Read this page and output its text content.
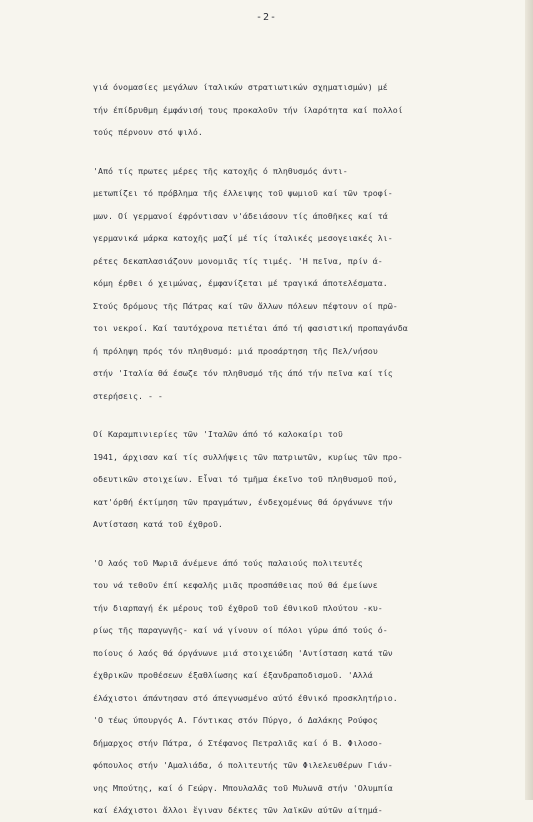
-2-
γιά όνομασίες μεγάλων ίταλικών στρατιωτικών σχηματισμών) μέ
τήν έπίδρυθμη έμφάνισή τους προκαλοῦν τήν ίλαρότητα καί πολλοί
τούς πέρνουν στό ψιλό.
'Από τίς πρωτες μέρες τῆς κατοχῆς ό πληθυσμός άντι-
μετωπίζει τό πρόβλημα τῆς έλλειψης τοῦ ψωμιοῦ καί τῶν τροφί-
μων. Οί γερμανοί έφρόντισαν ν'άδειάσουν τίς άποθῆκες καί τά
γερμανικά μάρκα κατοχῆς μαζί μέ τίς ίταλικές μεσογειακές λι-
ρέτες δεκαπλασιάζουν μονομιᾶς τίς τιμές. 'Η πεῖνα, πρίν ά-
κόμη έρθει ό χειμώνας, έμφανίζεται μέ τραγικά άποτελέσματα.
Στούς δρόμους τῆς Πάτρας καί τῶν ἄλλων πόλεων πέφτουν οί πρῶ-
τοι νεκροί. Καί ταυτόχρονα πετιέται άπό τή φασιστική προπαγάνδα
ή πρόληψη πρός τόν πληθυσμό: μιά προσάρτηση τῆς Πελ/νήσου
στήν 'Ιταλία θά έσωζε τόν πληθυσμό τῆς άπό τήν πεῖνα καί τίς
στερήσεις. - -
Οί Καραμπινιερίες τῶν 'Ιταλῶν άπό τό καλοκαίρι τοῦ
1941, άρχισαν καί τίς συλλήψεις τῶν πατριωτῶν, κυρίως τῶν προ-
οδευτικῶν στοιχείων. Εἶναι τό τμῆμα έκεῖνο τοῦ πληθυσμοῦ πού,
κατ'όρθή έκτίμηση τῶν πραγμάτων, ένδεχομένως θά όργάνωνε τήν
Αντίσταση κατά τοῦ έχθροῦ.
'Ο λαός τοῦ Μωριᾶ άνέμενε άπό τούς παλαιούς πολιτευτές
του νά τεθοῦν έπί κεφαλῆς μιᾶς προσπάθειας πού θά έμείωνε
τήν διαρπαγή έκ μέρους τοῦ έχθροῦ τοῦ έθνικοῦ πλούτου -κυ-
ρίως τῆς παραγωγῆς- καί νά γίνουν οί πόλοι γύρω άπό τούς ό-
ποίους ό λαός θά όργάνωνε μιά στοιχειώδη 'Αντίσταση κατά τῶν
έχθρικῶν προθέσεων έξαθλίωσης καί έξανδραποδισμοῦ. 'Αλλά
έλάχιστοι άπάντησαν στό άπεγνωσμένο αύτό έθνικό προσκλητήριο.
'Ο τέως ύπουργός Α. Γόντικας στόν Πύργο, ό Δαλάκης Ρούφος
δήμαρχος στήν Πάτρα, ό Στέφανος Πετραλιᾶς καί ό Β. Φιλοσο-
φόπουλος στήν 'Αμαλιάδα, ό πολιτευτής τῶν Φιλελευθέρων Γιάν-
νης Μπούτης, καί ό Γεώργ. Μπουλαλᾶς τοῦ Μυλωνᾶ στήν 'Ολυμπία
καί έλάχιστοι ἄλλοι ἔγιναν δέκτες τῶν λαϊκῶν αύτῶν αίτημά-
